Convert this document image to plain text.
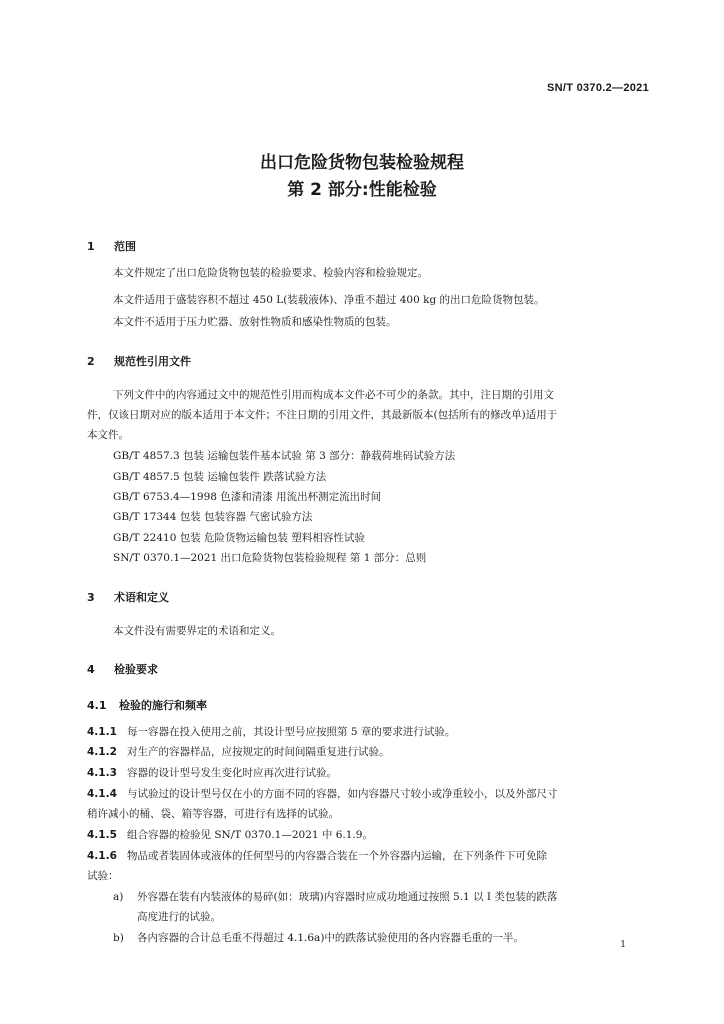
SN/T 0370.2—2021
出口危险货物包装检验规程
第 2 部分:性能检验
1 范围
本文件规定了出口危险货物包装的检验要求、检验内容和检验规定。
本文件适用于盛装容积不超过 450 L(装载液体)、净重不超过 400 kg 的出口危险货物包装。
本文件不适用于压力贮器、放射性物质和感染性物质的包装。
2 规范性引用文件
下列文件中的内容通过文中的规范性引用而构成本文件必不可少的条款。其中，注日期的引用文
件，仅该日期对应的版本适用于本文件；不注日期的引用文件，其最新版本(包括所有的修改单)适用于
本文件。
GB/T 4857.3 包装 运输包装件基本试验 第 3 部分：静载荷堆码试验方法
GB/T 4857.5 包装 运输包装件 跌落试验方法
GB/T 6753.4—1998 色漆和清漆 用流出杯测定流出时间
GB/T 17344 包装 包装容器 气密试验方法
GB/T 22410 包装 危险货物运输包装 塑料相容性试验
SN/T 0370.1—2021 出口危险货物包装检验规程 第 1 部分：总则
3 术语和定义
本文件没有需要界定的术语和定义。
4 检验要求
4.1 检验的施行和频率
4.1.1 每一容器在投入使用之前，其设计型号应按照第 5 章的要求进行试验。
4.1.2 对生产的容器样品，应按规定的时间间隔重复进行试验。
4.1.3 容器的设计型号发生变化时应再次进行试验。
4.1.4 与试验过的设计型号仅在小的方面不同的容器，如内容器尺寸较小或净重较小，以及外部尺寸
稍许减小的桶、袋、箱等容器，可进行有选择的试验。
4.1.5 组合容器的检验见 SN/T 0370.1—2021 中 6.1.9。
4.1.6 物品或者装固体或液体的任何型号的内容器合装在一个外容器内运输，在下列条件下可免除
试验：
a) 外容器在装有内装液体的易碎(如：玻璃)内容器时应成功地通过按照 5.1 以 Ⅰ 类包装的跌落
高度进行的试验。
b) 各内容器的合计总毛重不得超过 4.1.6a)中的跌落试验使用的各内容器毛重的一半。
1
